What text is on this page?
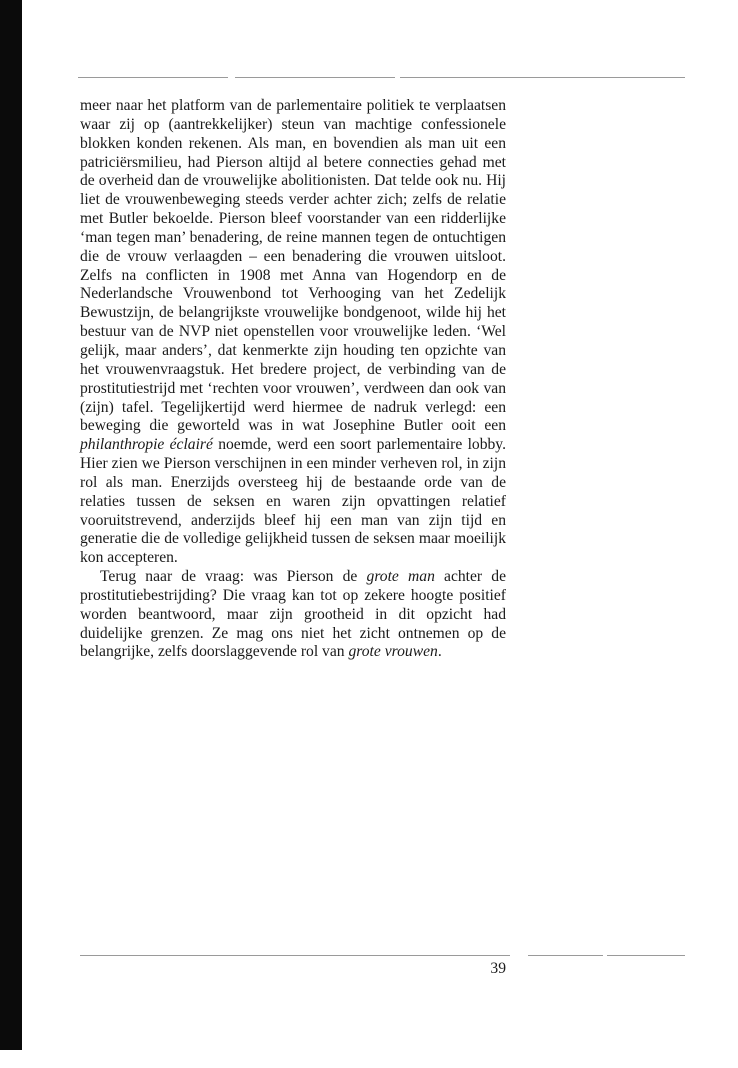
meer naar het platform van de parlementaire politiek te verplaatsen waar zij op (aantrekkelijker) steun van machtige confessionele blokken konden rekenen. Als man, en bovendien als man uit een patriciërsmilieu, had Pierson altijd al betere connecties gehad met de overheid dan de vrouwelijke abolitionisten. Dat telde ook nu. Hij liet de vrouwenbeweging steeds verder achter zich; zelfs de relatie met Butler bekoelde. Pierson bleef voorstander van een ridderlijke ‘man tegen man’ benadering, de reine mannen tegen de ontuchtigen die de vrouw verlaagden – een benadering die vrouwen uitsloot. Zelfs na conflicten in 1908 met Anna van Hogendorp en de Nederlandsche Vrouwenbond tot Verhooging van het Zedelijk Bewustzijn, de belangrijkste vrouwelijke bondgenoot, wilde hij het bestuur van de NVP niet openstellen voor vrouwelijke leden. ‘Wel gelijk, maar anders’, dat kenmerkte zijn houding ten opzichte van het vrouwenvraagstuk. Het bredere project, de verbinding van de prostitutiestrijd met ‘rechten voor vrouwen’, verdween dan ook van (zijn) tafel. Tegelijkertijd werd hiermee de nadruk verlegd: een beweging die geworteld was in wat Josephine Butler ooit een philanthropie éclairé noemde, werd een soort parlementaire lobby. Hier zien we Pierson verschijnen in een minder verheven rol, in zijn rol als man. Enerzijds oversteeg hij de bestaande orde van de relaties tussen de seksen en waren zijn opvattingen relatief vooruitstrevend, anderzijds bleef hij een man van zijn tijd en generatie die de volledige gelijkheid tussen de seksen maar moeilijk kon accepteren.

Terug naar de vraag: was Pierson de grote man achter de prostitutiebestrijding? Die vraag kan tot op zekere hoogte positief worden beantwoord, maar zijn grootheid in dit opzicht had duidelijke grenzen. Ze mag ons niet het zicht ontnemen op de belangrijke, zelfs doorslaggevende rol van grote vrouwen.

39
